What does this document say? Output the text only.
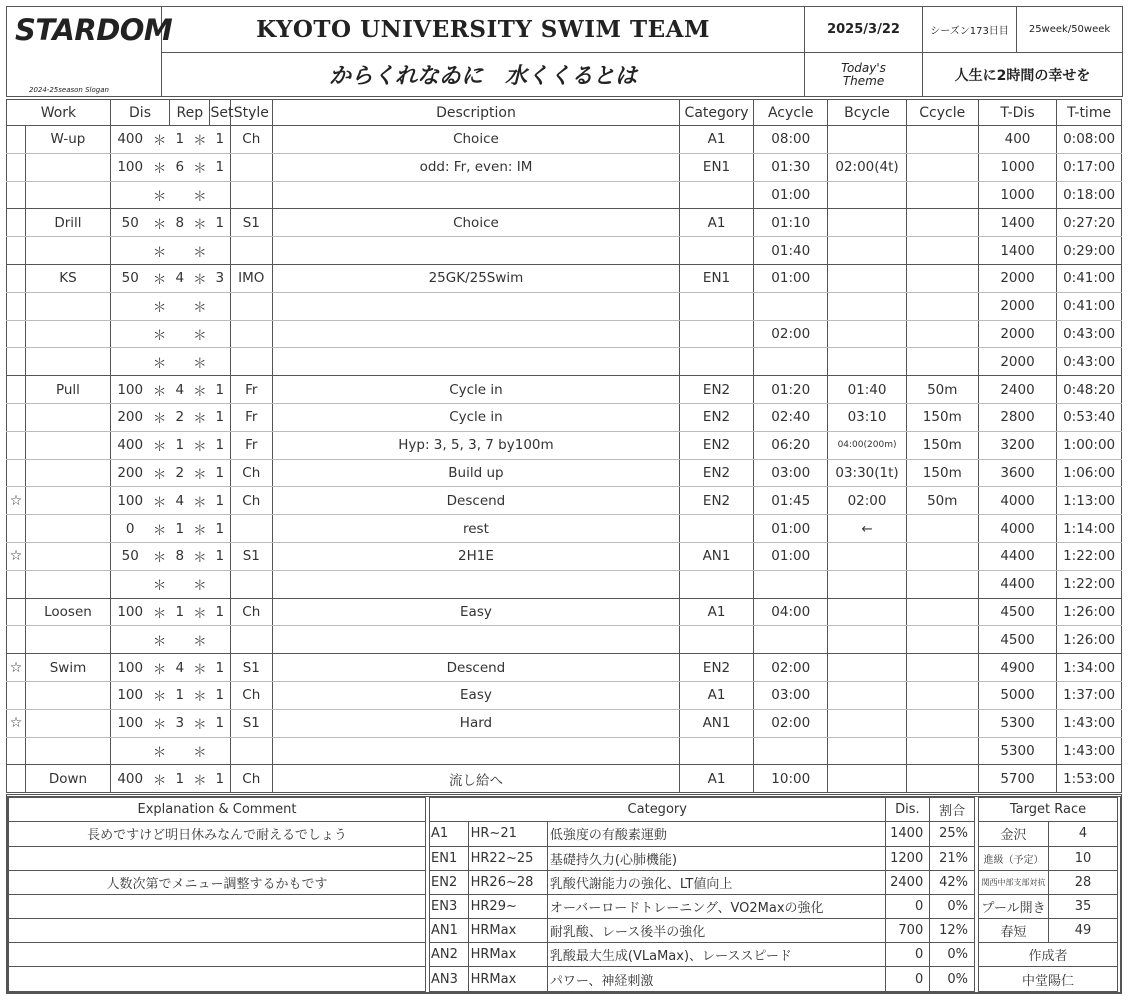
STARDOM	KYOTO UNIVERSITY SWIM TEAM	2025/3/22	シーズン173日目	25week/50week
2024-25season Slogan	からくれなゐに　水くくるとは	Today's
Theme	人生に2時間の幸せを	
Work		Dis		Rep		Set	Style	Description	Category	Acycle	Bcycle	Ccycle	T-Dis	T-time
	W-up	400	＊	1	＊	1	Ch	Choice	A1	08:00			400	0:08:00
		100	＊	6	＊	1		odd: Fr, even: IM	EN1	01:30	02:00(4t)		1000	0:17:00
			＊		＊					01:00			1000	0:18:00
	Drill	50	＊	8	＊	1	S1	Choice	A1	01:10			1400	0:27:20
			＊		＊					01:40			1400	0:29:00
	KS	50	＊	4	＊	3	IMO	25GK/25Swim	EN1	01:00			2000	0:41:00
			＊		＊								2000	0:41:00
			＊		＊					02:00			2000	0:43:00
			＊		＊								2000	0:43:00
	Pull	100	＊	4	＊	1	Fr	Cycle in	EN2	01:20	01:40	50m	2400	0:48:20
		200	＊	2	＊	1	Fr	Cycle in	EN2	02:40	03:10	150m	2800	0:53:40
		400	＊	1	＊	1	Fr	Hyp: 3, 5, 3, 7 by100m	EN2	06:20	04:00(200m)	150m	3200	1:00:00
		200	＊	2	＊	1	Ch	Build up	EN2	03:00	03:30(1t)	150m	3600	1:06:00
☆		100	＊	4	＊	1	Ch	Descend	EN2	01:45	02:00	50m	4000	1:13:00
		0	＊	1	＊	1		rest		01:00	←		4000	1:14:00
☆		50	＊	8	＊	1	S1	2H1E	AN1	01:00			4400	1:22:00
			＊		＊								4400	1:22:00
	Loosen	100	＊	1	＊	1	Ch	Easy	A1	04:00			4500	1:26:00
			＊		＊								4500	1:26:00
☆	Swim	100	＊	4	＊	1	S1	Descend	EN2	02:00			4900	1:34:00
		100	＊	1	＊	1	Ch	Easy	A1	03:00			5000	1:37:00
☆		100	＊	3	＊	1	S1	Hard	AN1	02:00			5300	1:43:00
			＊		＊								5300	1:43:00
	Down	400	＊	1	＊	1	Ch	流し給へ	A1	10:00			5700	1:53:00
Explanation & Comment
長めですけど明日休みなんで耐えるでしょう

人数次第でメニュー調整するかもです

Category			Dis.	割合
A1	HR~21	低強度の有酸素運動	1400	25%
EN1	HR22~25	基礎持久力(心肺機能)	1200	21%
EN2	HR26~28	乳酸代謝能力の強化、LT値向上	2400	42%
EN3	HR29~	オーバーロードトレーニング、VO2Maxの強化	0	0%
AN1	HRMax	耐乳酸、レース後半の強化	700	12%
AN2	HRMax	乳酸最大生成(VLaMax)、レーススピード	0	0%
AN3	HRMax	パワー、神経刺激	0	0%
Target Race	
金沢	4
進級（予定）	10
関西中部支部対抗	28
プール開き	35
春短	49
作成者	
中堂陽仁	
